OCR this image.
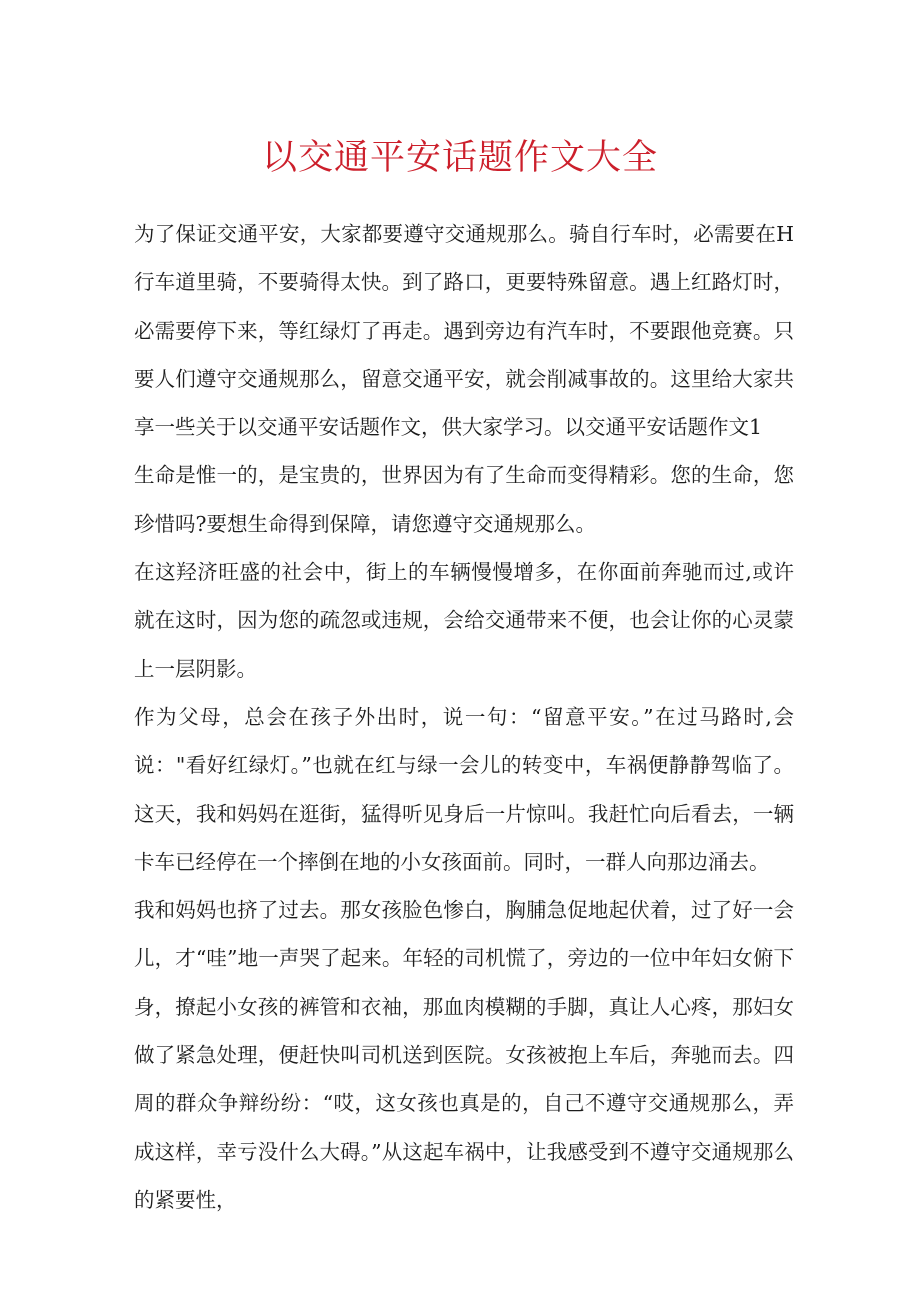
以交通平安话题作文大全

为了保证交通平安，大家都要遵守交通规那么。骑自行车时，必需要在H行车道里骑，不要骑得太快。到了路口，更要特殊留意。遇上红路灯时，必需要停下来，等红绿灯了再走。遇到旁边有汽车时，不要跟他竞赛。只要人们遵守交通规那么，留意交通平安，就会削减事故的。这里给大家共享一些关于以交通平安话题作文，供大家学习。以交通平安话题作文1

生命是惟一的，是宝贵的，世界因为有了生命而变得精彩。您的生命，您珍惜吗?要想生命得到保障，请您遵守交通规那么。

在这羟济旺盛的社会中，街上的车辆慢慢增多，在你面前奔驰而过,或许就在这时，因为您的疏忽或违规，会给交通带来不便，也会让你的心灵蒙上一层阴影。

作为父母，总会在孩子外出时，说一句：“留意平安。”在过马路时,会说："看好红绿灯。”也就在红与绿一会儿的转变中，车祸便静静驾临了。这天，我和妈妈在逛街，猛得听见身后一片惊叫。我赶忙向后看去，一辆卡车已经停在一个摔倒在地的小女孩面前。同时，一群人向那边涌去。

我和妈妈也挤了过去。那女孩脸色惨白，胸脯急促地起伏着，过了好一会儿，才“哇”地一声哭了起来。年轻的司机慌了，旁边的一位中年妇女俯下身，撩起小女孩的裤管和衣袖，那血肉模糊的手脚，真让人心疼，那妇女做了紧急处理，便赶快叫司机送到医院。女孩被抱上车后，奔驰而去。四周的群众争辩纷纷：“哎，这女孩也真是的，自己不遵守交通规那么，弄成这样，幸亏没什么大碍。”从这起车祸中，让我感受到不遵守交通规那么的紧要性，
